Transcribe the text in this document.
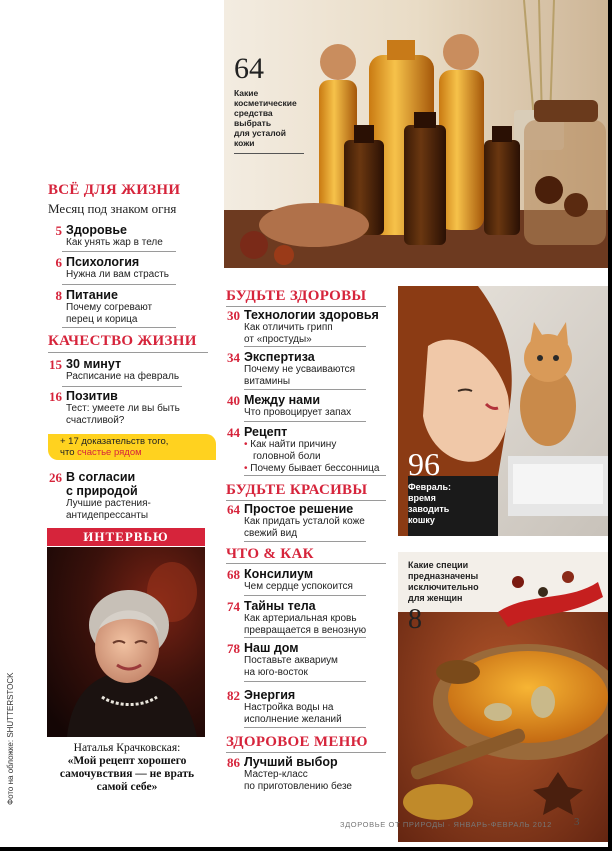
ВСЁ ДЛЯ ЖИЗНИ
Месяц под знаком огня
5 Здоровье
Как унять жар в теле
6 Психология
Нужна ли вам страсть
8 Питание
Почему согревают
перец и корица
КАЧЕСТВО ЖИЗНИ
15 30 минут
Расписание на февраль
16 Позитив
Тест: умеете ли вы быть
счастливой?
+ 17 доказательств того,
что счастье рядом
26 В согласии
с природой
Лучшие растения-
антидепрессанты
ИНТЕРВЬЮ
Наталья Крачковская:
«Мой рецепт хорошего
самочувствия — не врать
самой себе»
Фото на обложке: SHUTTERSTOCK
БУДЬТЕ ЗДОРОВЫ
30 Технологии здоровья
Как отличить грипп
от «простуды»
34 Экспертиза
Почему не усваиваются
витамины
40 Между нами
Что провоцирует запах
44 Рецепт
• Как найти причину
головной боли
• Почему бывает бессонница
БУДЬТЕ КРАСИВЫ
64 Простое решение
Как придать усталой коже
свежий вид
ЧТО & КАК
68 Консилиум
Чем сердце успокоится
74 Тайны тела
Как артериальная кровь
превращается в венозную
78 Наш дом
Поставьте аквариум
на юго-восток
82 Энергия
Настройка воды на
исполнение желаний
ЗДОРОВОЕ МЕНЮ
86 Лучший выбор
Мастер-класс
по приготовлению безе
64
Какие
косметические
средства
выбрать
для усталой
кожи
96
Февраль:
время
заводить
кошку
Какие специи
предназначены
исключительно
для женщин
8
ЗДОРОВЬЕ ОТ ПРИРОДЫ · ЯНВАРЬ-ФЕВРАЛЬ 2012 3
